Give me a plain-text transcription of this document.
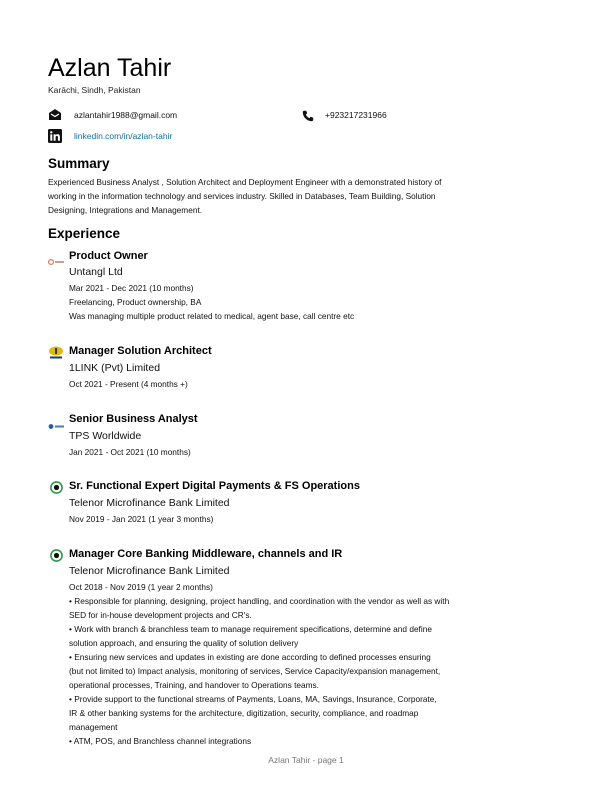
Azlan Tahir
Karāchi, Sindh, Pakistan
azlantahir1988@gmail.com	+923217231966
linkedin.com/in/azlan-tahir
Summary
Experienced Business Analyst , Solution Architect and Deployment Engineer with a demonstrated history of
working in the information technology and services industry. Skilled in Databases, Team Building, Solution
Designing, Integrations and Management.
Experience
Product Owner
Untangl Ltd
Mar 2021 - Dec 2021 (10 months)
Freelancing, Product ownership, BA
Was managing multiple product related to medical, agent base, call centre etc
Manager Solution Architect
1LINK (Pvt) Limited
Oct 2021 - Present (4 months +)
Senior Business Analyst
TPS Worldwide
Jan 2021 - Oct 2021 (10 months)
Sr. Functional Expert Digital Payments & FS Operations
Telenor Microfinance Bank Limited
Nov 2019 - Jan 2021 (1 year 3 months)
Manager Core Banking Middleware, channels and IR
Telenor Microfinance Bank Limited
Oct 2018 - Nov 2019 (1 year 2 months)
• Responsible for planning, designing, project handling, and coordination with the vendor as well as with
SED for in-house development projects and CR's.
• Work with branch & branchless team to manage requirement specifications, determine and define
solution approach, and ensuring the quality of solution delivery
• Ensuring new services and updates in existing are done according to defined processes ensuring
(but not limited to) Impact analysis, monitoring of services, Service Capacity/expansion management,
operational processes, Training, and handover to Operations teams.
• Provide support to the functional streams of Payments, Loans, MA, Savings, Insurance, Corporate,
IR & other banking systems for the architecture, digitization, security, compliance, and roadmap
management
• ATM, POS, and Branchless channel integrations
Azlan Tahir - page 1
